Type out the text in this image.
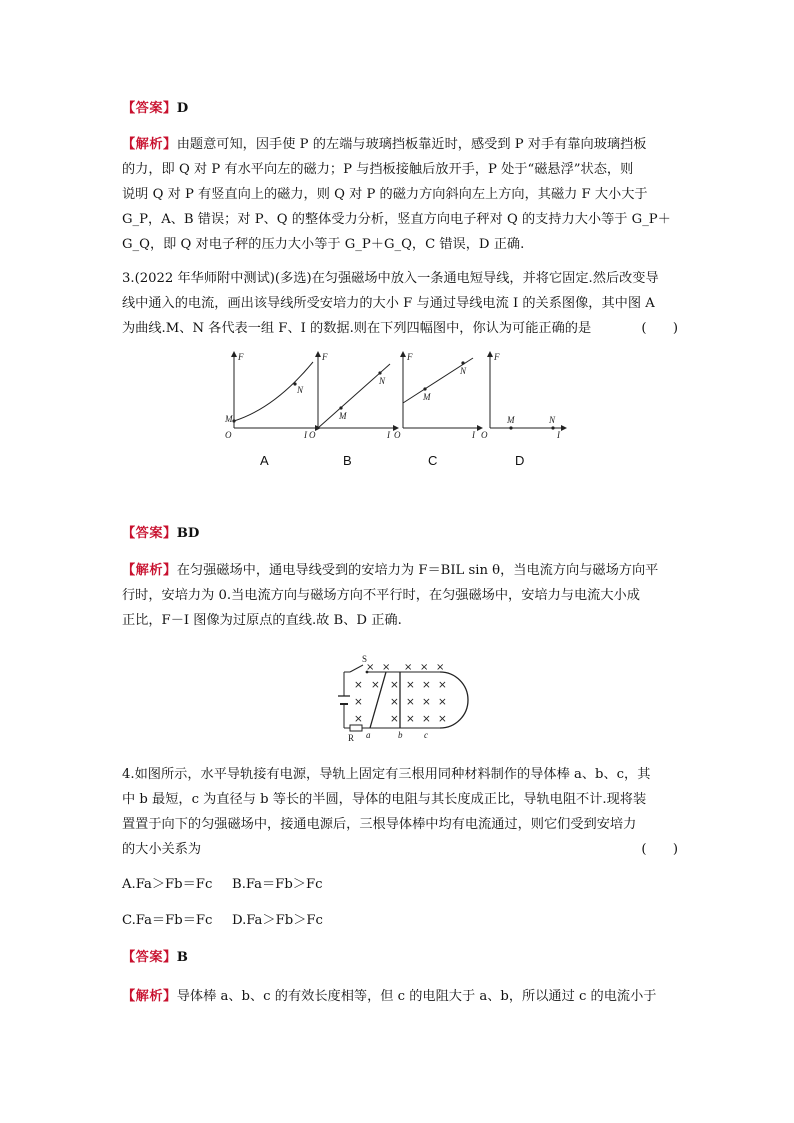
【答案】D
【解析】由题意可知，因手使 P 的左端与玻璃挡板靠近时，感受到 P 对手有靠向玻璃挡板
的力，即 Q 对 P 有水平向左的磁力；P 与挡板接触后放开手，P 处于“磁悬浮”状态，则
说明 Q 对 P 有竖直向上的磁力，则 Q 对 P 的磁力方向斜向左上方向，其磁力 F 大小大于
G_P，A、B 错误；对 P、Q 的整体受力分析，竖直方向电子秤对 Q 的支持力大小等于 G_P＋
G_Q，即 Q 对电子秤的压力大小等于 G_P＋G_Q，C 错误，D 正确.
3.(2022 年华师附中测试)(多选)在匀强磁场中放入一条通电短导线，并将它固定.然后改变导
线中通入的电流，画出该导线所受安培力的大小 F 与通过导线电流 I 的关系图像，其中图 A
为曲线.M、N 各代表一组 F、I 的数据.则在下列四幅图中，你认为可能正确的是	(　　)
F
I
O
M
N
F
I
O
M
N
F
I
O
M
N
F
I
O
M	N
A	B	C	D
【答案】BD
【解析】在匀强磁场中，通电导线受到的安培力为 F＝BIL sin θ，当电流方向与磁场方向平
行时，安培力为 0.当电流方向与磁场方向不平行时，在匀强磁场中，安培力与电流大小成
正比，F－I 图像为过原点的直线.故 B、D 正确.
× × × × ×
× × × × × ×
×	× × × ×
×	× × × ×
S
R a	b c
4.如图所示，水平导轨接有电源，导轨上固定有三根用同种材料制作的导体棒 a、b、c，其
中 b 最短，c 为直径与 b 等长的半圆，导体的电阻与其长度成正比，导轨电阻不计.现将装
置置于向下的匀强磁场中，接通电源后，三根导体棒中均有电流通过，则它们受到安培力
的大小关系为	(　　)
A.Fa＞Fb＝Fc B.Fa＝Fb＞Fc
C.Fa＝Fb＝Fc D.Fa＞Fb＞Fc
【答案】B
【解析】导体棒 a、b、c 的有效长度相等，但 c 的电阻大于 a、b，所以通过 c 的电流小于
